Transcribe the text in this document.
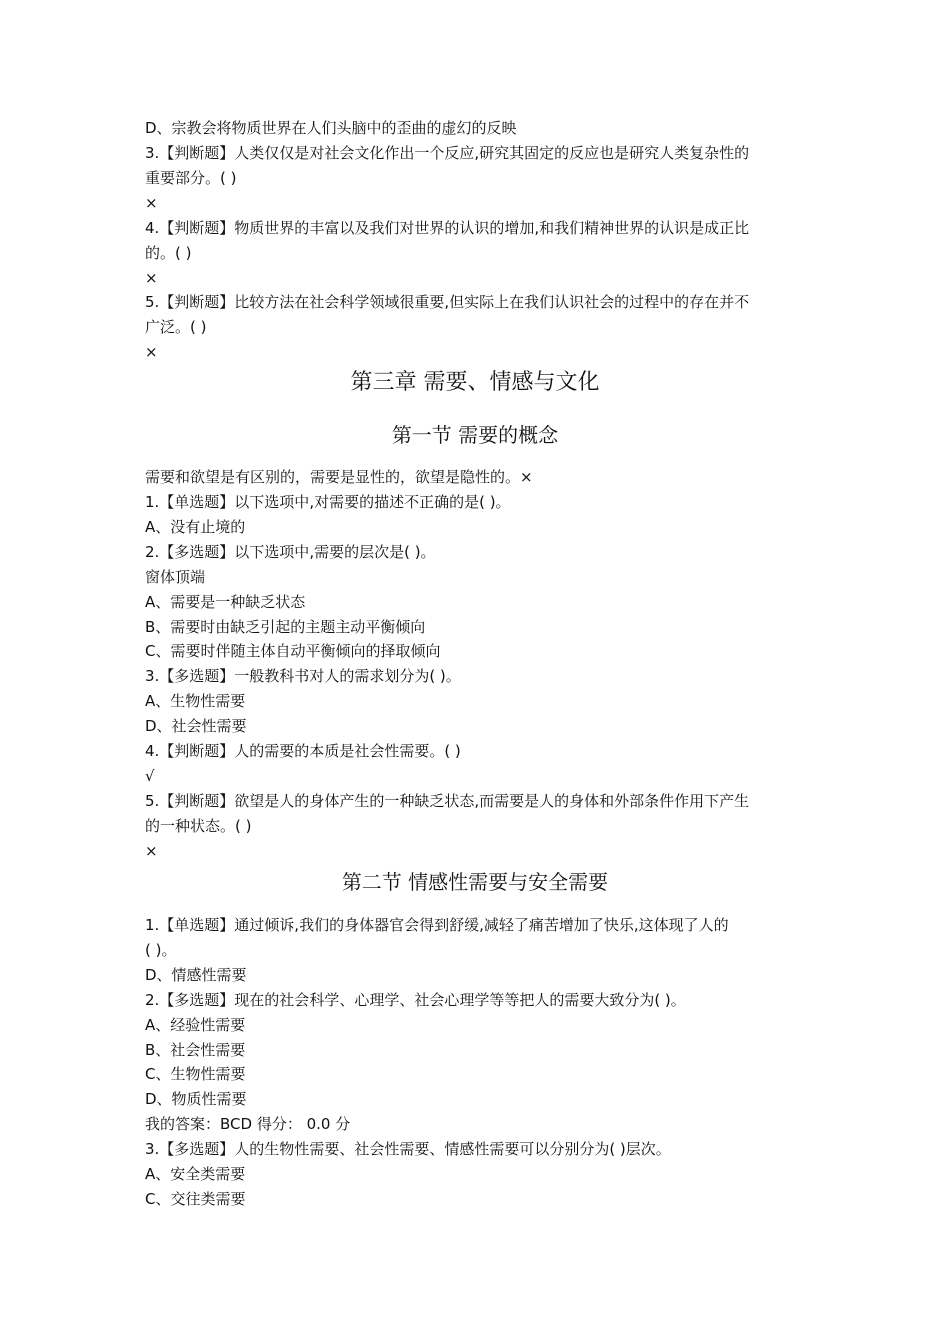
D、宗教会将物质世界在人们头脑中的歪曲的虚幻的反映
3.【判断题】人类仅仅是对社会文化作出一个反应,研究其固定的反应也是研究人类复杂性的
重要部分。( )
×
4.【判断题】物质世界的丰富以及我们对世界的认识的增加,和我们精神世界的认识是成正比
的。( )
×
5.【判断题】比较方法在社会科学领域很重要,但实际上在我们认识社会的过程中的存在并不
广泛。( )
×
第三章 需要、情感与文化
第一节 需要的概念
需要和欲望是有区别的，需要是显性的，欲望是隐性的。×
1.【单选题】以下选项中,对需要的描述不正确的是( )。
A、没有止境的
2.【多选题】以下选项中,需要的层次是( )。
窗体顶端
A、需要是一种缺乏状态
B、需要时由缺乏引起的主题主动平衡倾向
C、需要时伴随主体自动平衡倾向的择取倾向
3.【多选题】一般教科书对人的需求划分为( )。
A、生物性需要
D、社会性需要
4.【判断题】人的需要的本质是社会性需要。( )
√
5.【判断题】欲望是人的身体产生的一种缺乏状态,而需要是人的身体和外部条件作用下产生
的一种状态。( )
×
第二节 情感性需要与安全需要
1.【单选题】通过倾诉,我们的身体器官会得到舒缓,减轻了痛苦增加了快乐,这体现了人的
( )。
D、情感性需要
2.【多选题】现在的社会科学、心理学、社会心理学等等把人的需要大致分为( )。
A、经验性需要
B、社会性需要
C、生物性需要
D、物质性需要
我的答案：BCD 得分： 0.0 分
3.【多选题】人的生物性需要、社会性需要、情感性需要可以分别分为( )层次。
A、安全类需要
C、交往类需要
